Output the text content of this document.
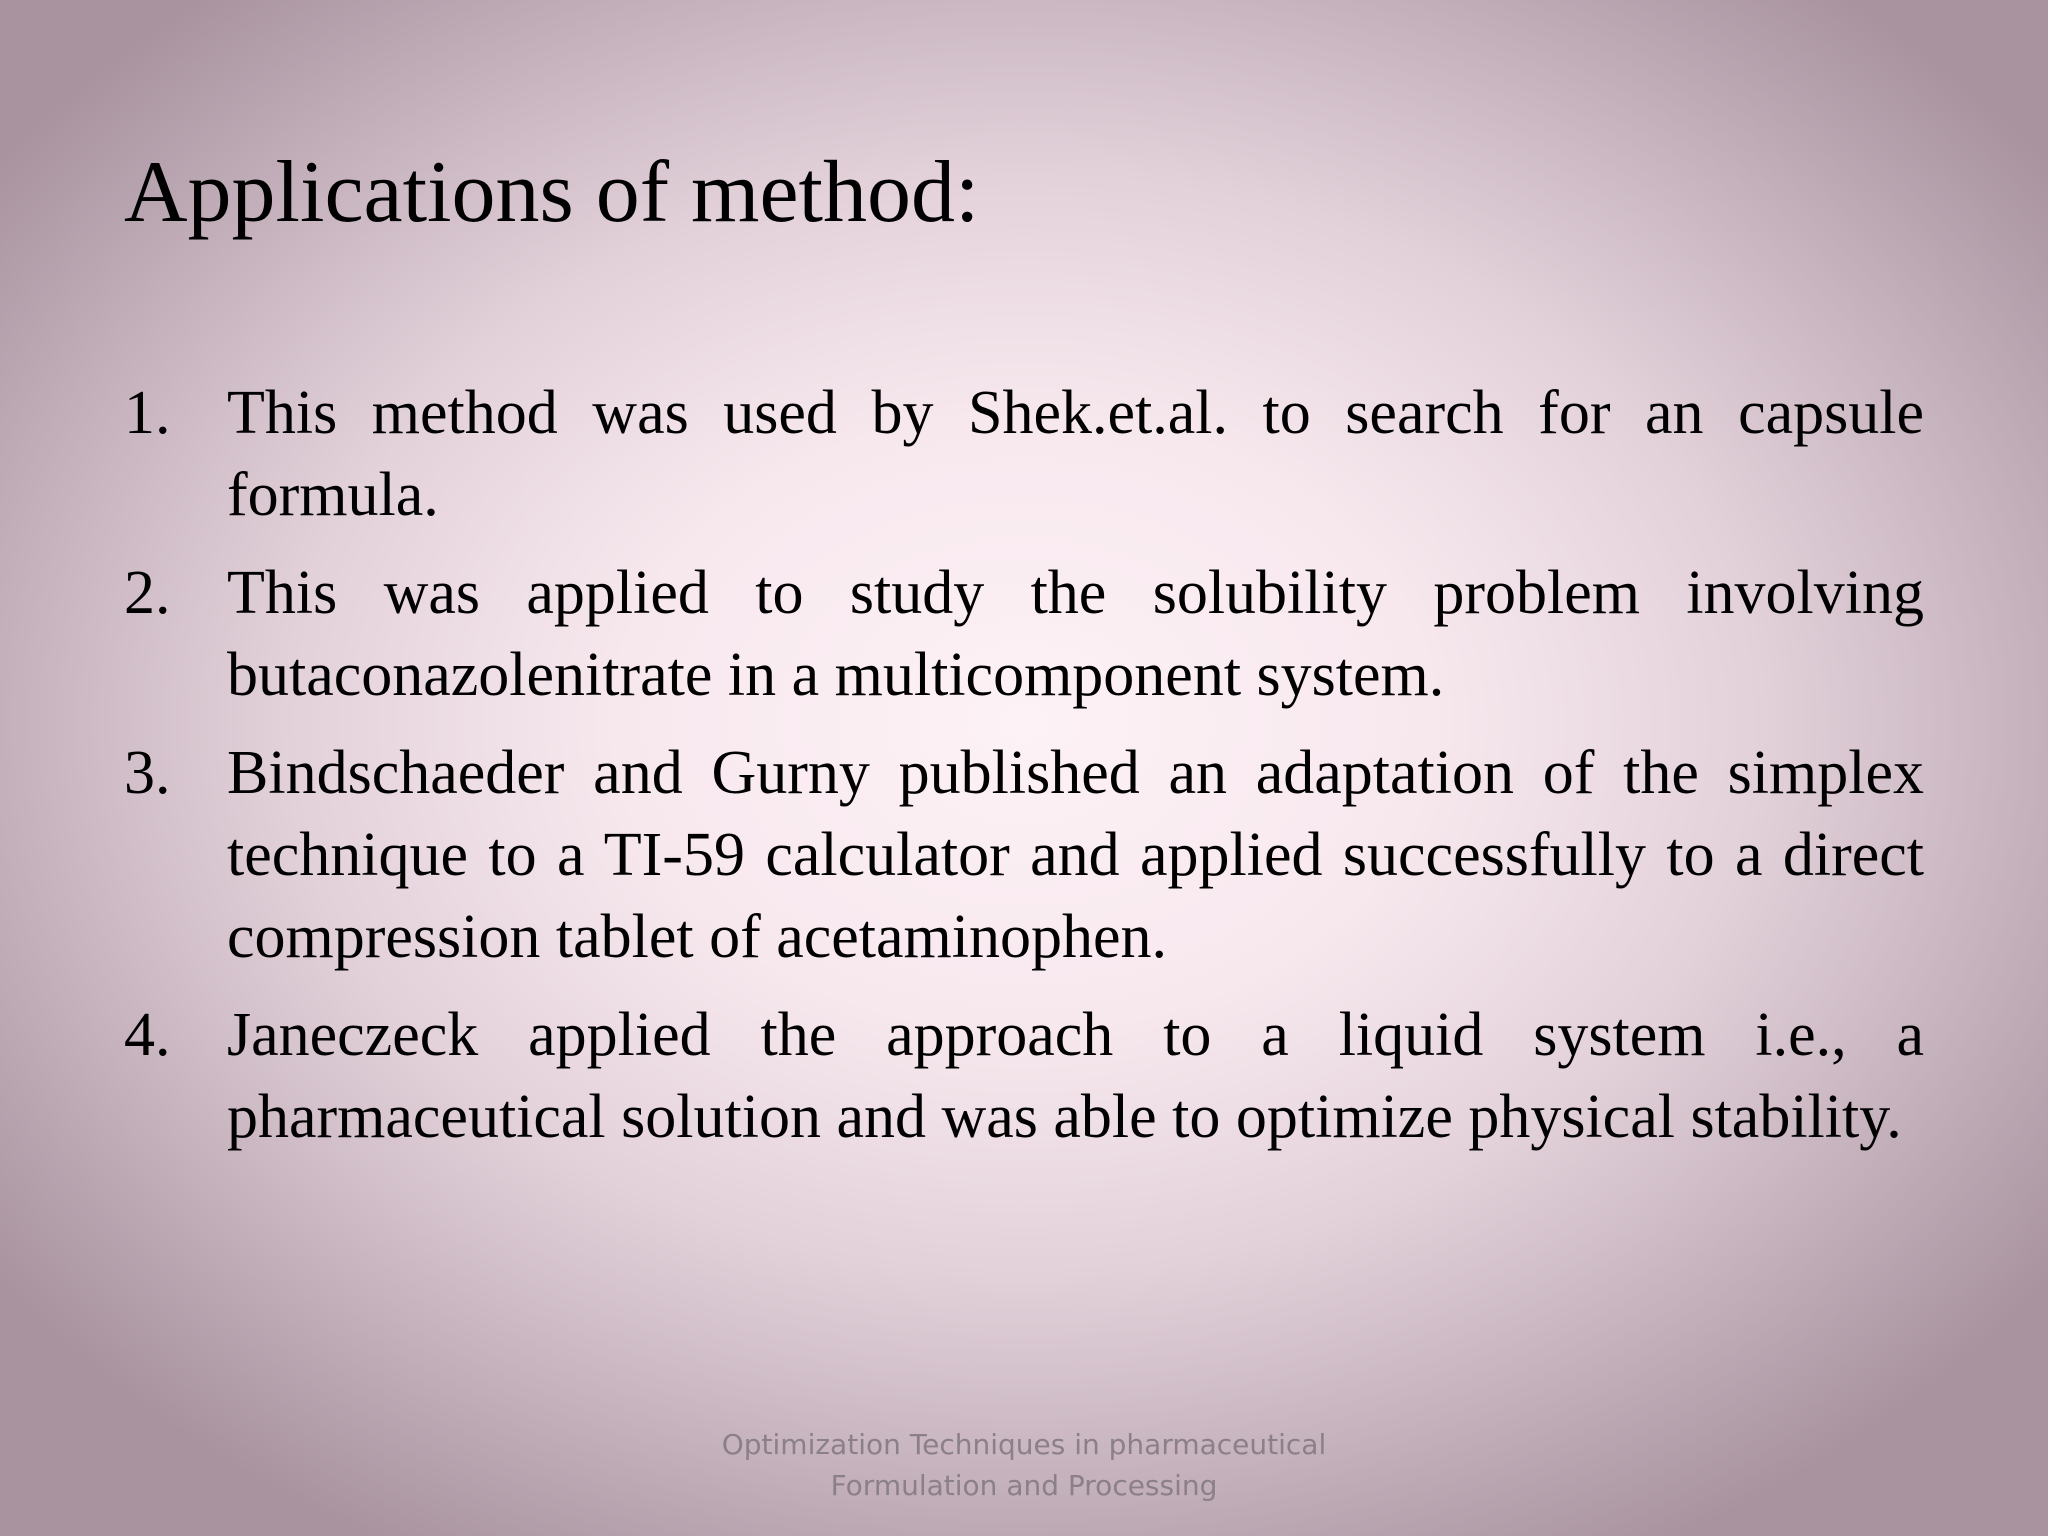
Applications of method:
1. This method was used by Shek.et.al. to search for an capsule formula.
2. This was applied to study the solubility problem involving butaconazolenitrate in a multicomponent system.
3. Bindschaeder and Gurny published an adaptation of the simplex technique to a TI-59 calculator and applied successfully to a direct compression tablet of acetaminophen.
4. Janeczeck applied the approach to a liquid system i.e., a pharmaceutical solution and was able to optimize physical stability.
Optimization Techniques in pharmaceutical
Formulation and Processing
